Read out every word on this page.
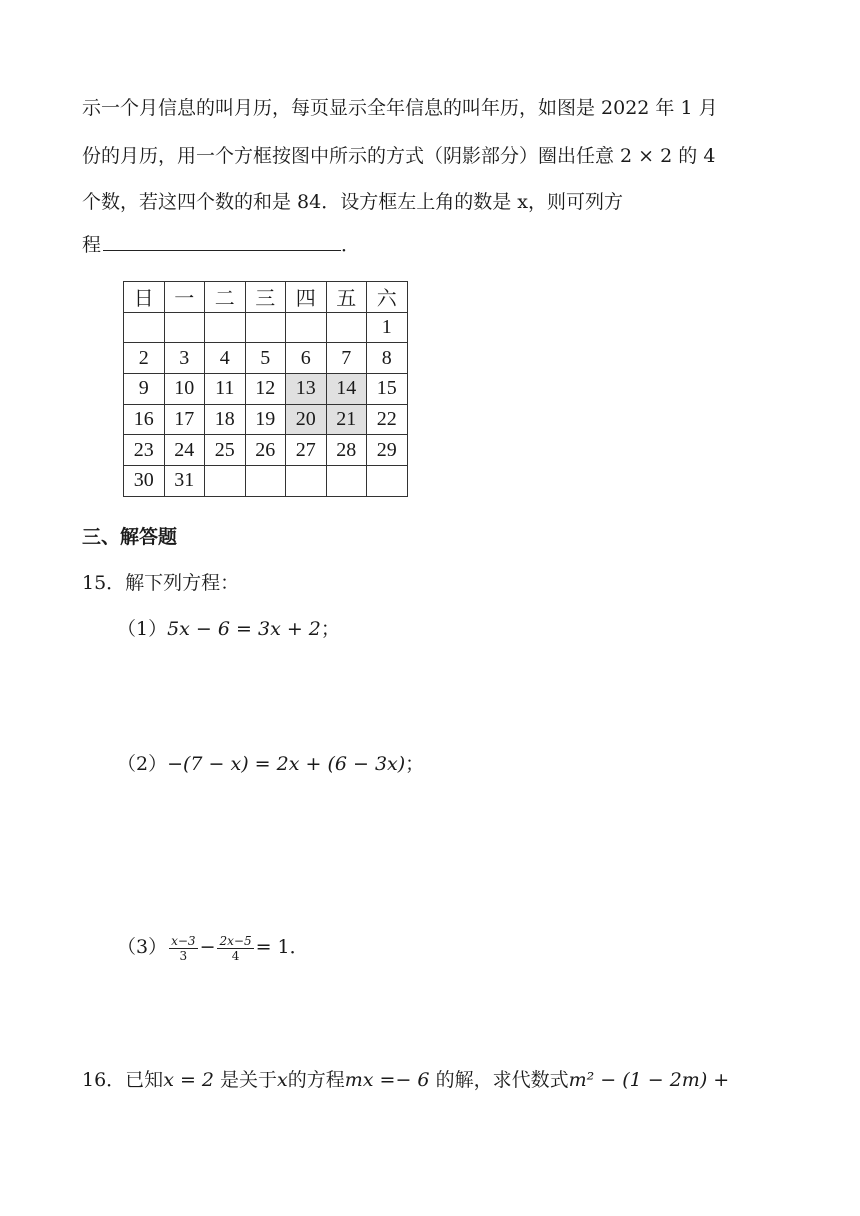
示一个月信息的叫月历，每页显示全年信息的叫年历，如图是 2022 年 1 月
份的月历，用一个方框按图中所示的方式（阴影部分）圈出任意 2 × 2 的 4
个数，若这四个数的和是 84．设方框左上角的数是 x，则可列方
程	．
日	一	二	三	四	五	六
						1
2	3	4	5	6	7	8
9	10	11	12	13	14	15
16	17	18	19	20	21	22
23	24	25	26	27	28	29
30	31					
三、解答题
15．解下列方程：
（1）5x − 6 = 3x + 2；
（2）−(7 − x) = 2x + (6 − 3x)；
$(3) \frac{x-3}{3} - \frac{2x-5}{4} = 1$．
16．已知x = 2 是关于x的方程mx =− 6 的解，求代数式m² − (1 − 2m) +
